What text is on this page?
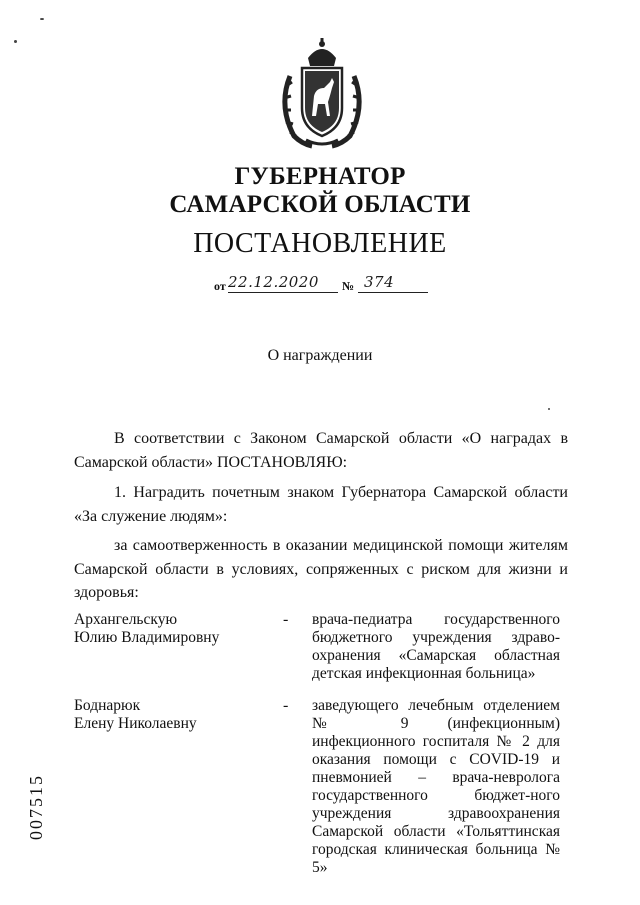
ГУБЕРНАТОР
САМАРСКОЙ ОБЛАСТИ
ПОСТАНОВЛЕНИЕ
от 22.12.2020 № 374
О награждении
В соответствии с Законом Самарской области «О наградах в Самарской области» ПОСТАНОВЛЯЮ:
1. Наградить почетным знаком Губернатора Самарской области «За служение людям»:
за самоотверженность в оказании медицинской помощи жителям Самарской области в условиях, сопряженных с риском для жизни и здоровья:
Архангельскую
Юлию Владимировну
- врача-педиатра государственного бюджетного учреждения здраво-охранения «Самарская областная детская инфекционная больница»
Боднарюк
Елену Николаевну
- заведующего лечебным отделением № 9 (инфекционным) инфекционного госпиталя № 2 для оказания помощи с COVID-19 и пневмонией – врача-невролога государственного бюджет-ного учреждения здравоохранения Самарской области «Тольяттинская городская клиническая больница № 5»
007515
